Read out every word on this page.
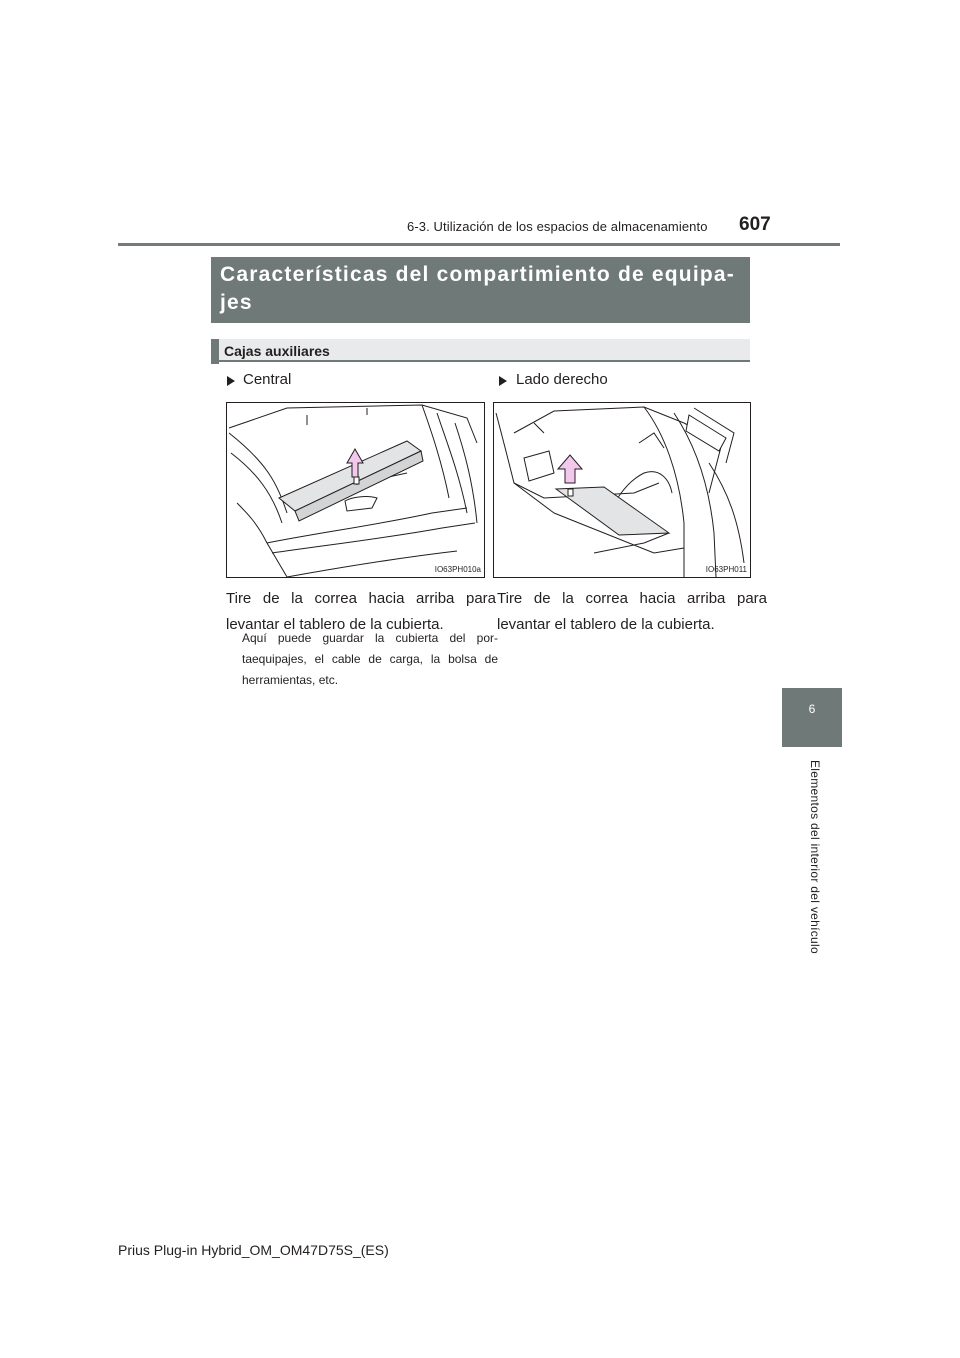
6-3. Utilización de los espacios de almacenamiento 607
Características del compartimiento de equipa-jes
Cajas auxiliares
Central
IO63PH010a
Tire de la correa hacia arriba para levantar el tablero de la cubierta.
Aquí puede guardar la cubierta del por-taequipajes, el cable de carga, la bolsa de herramientas, etc.
Lado derecho
IO63PH011
Tire de la correa hacia arriba para levantar el tablero de la cubierta.
6
Elementos del interior del vehículo
Prius Plug-in Hybrid_OM_OM47D75S_(ES)
